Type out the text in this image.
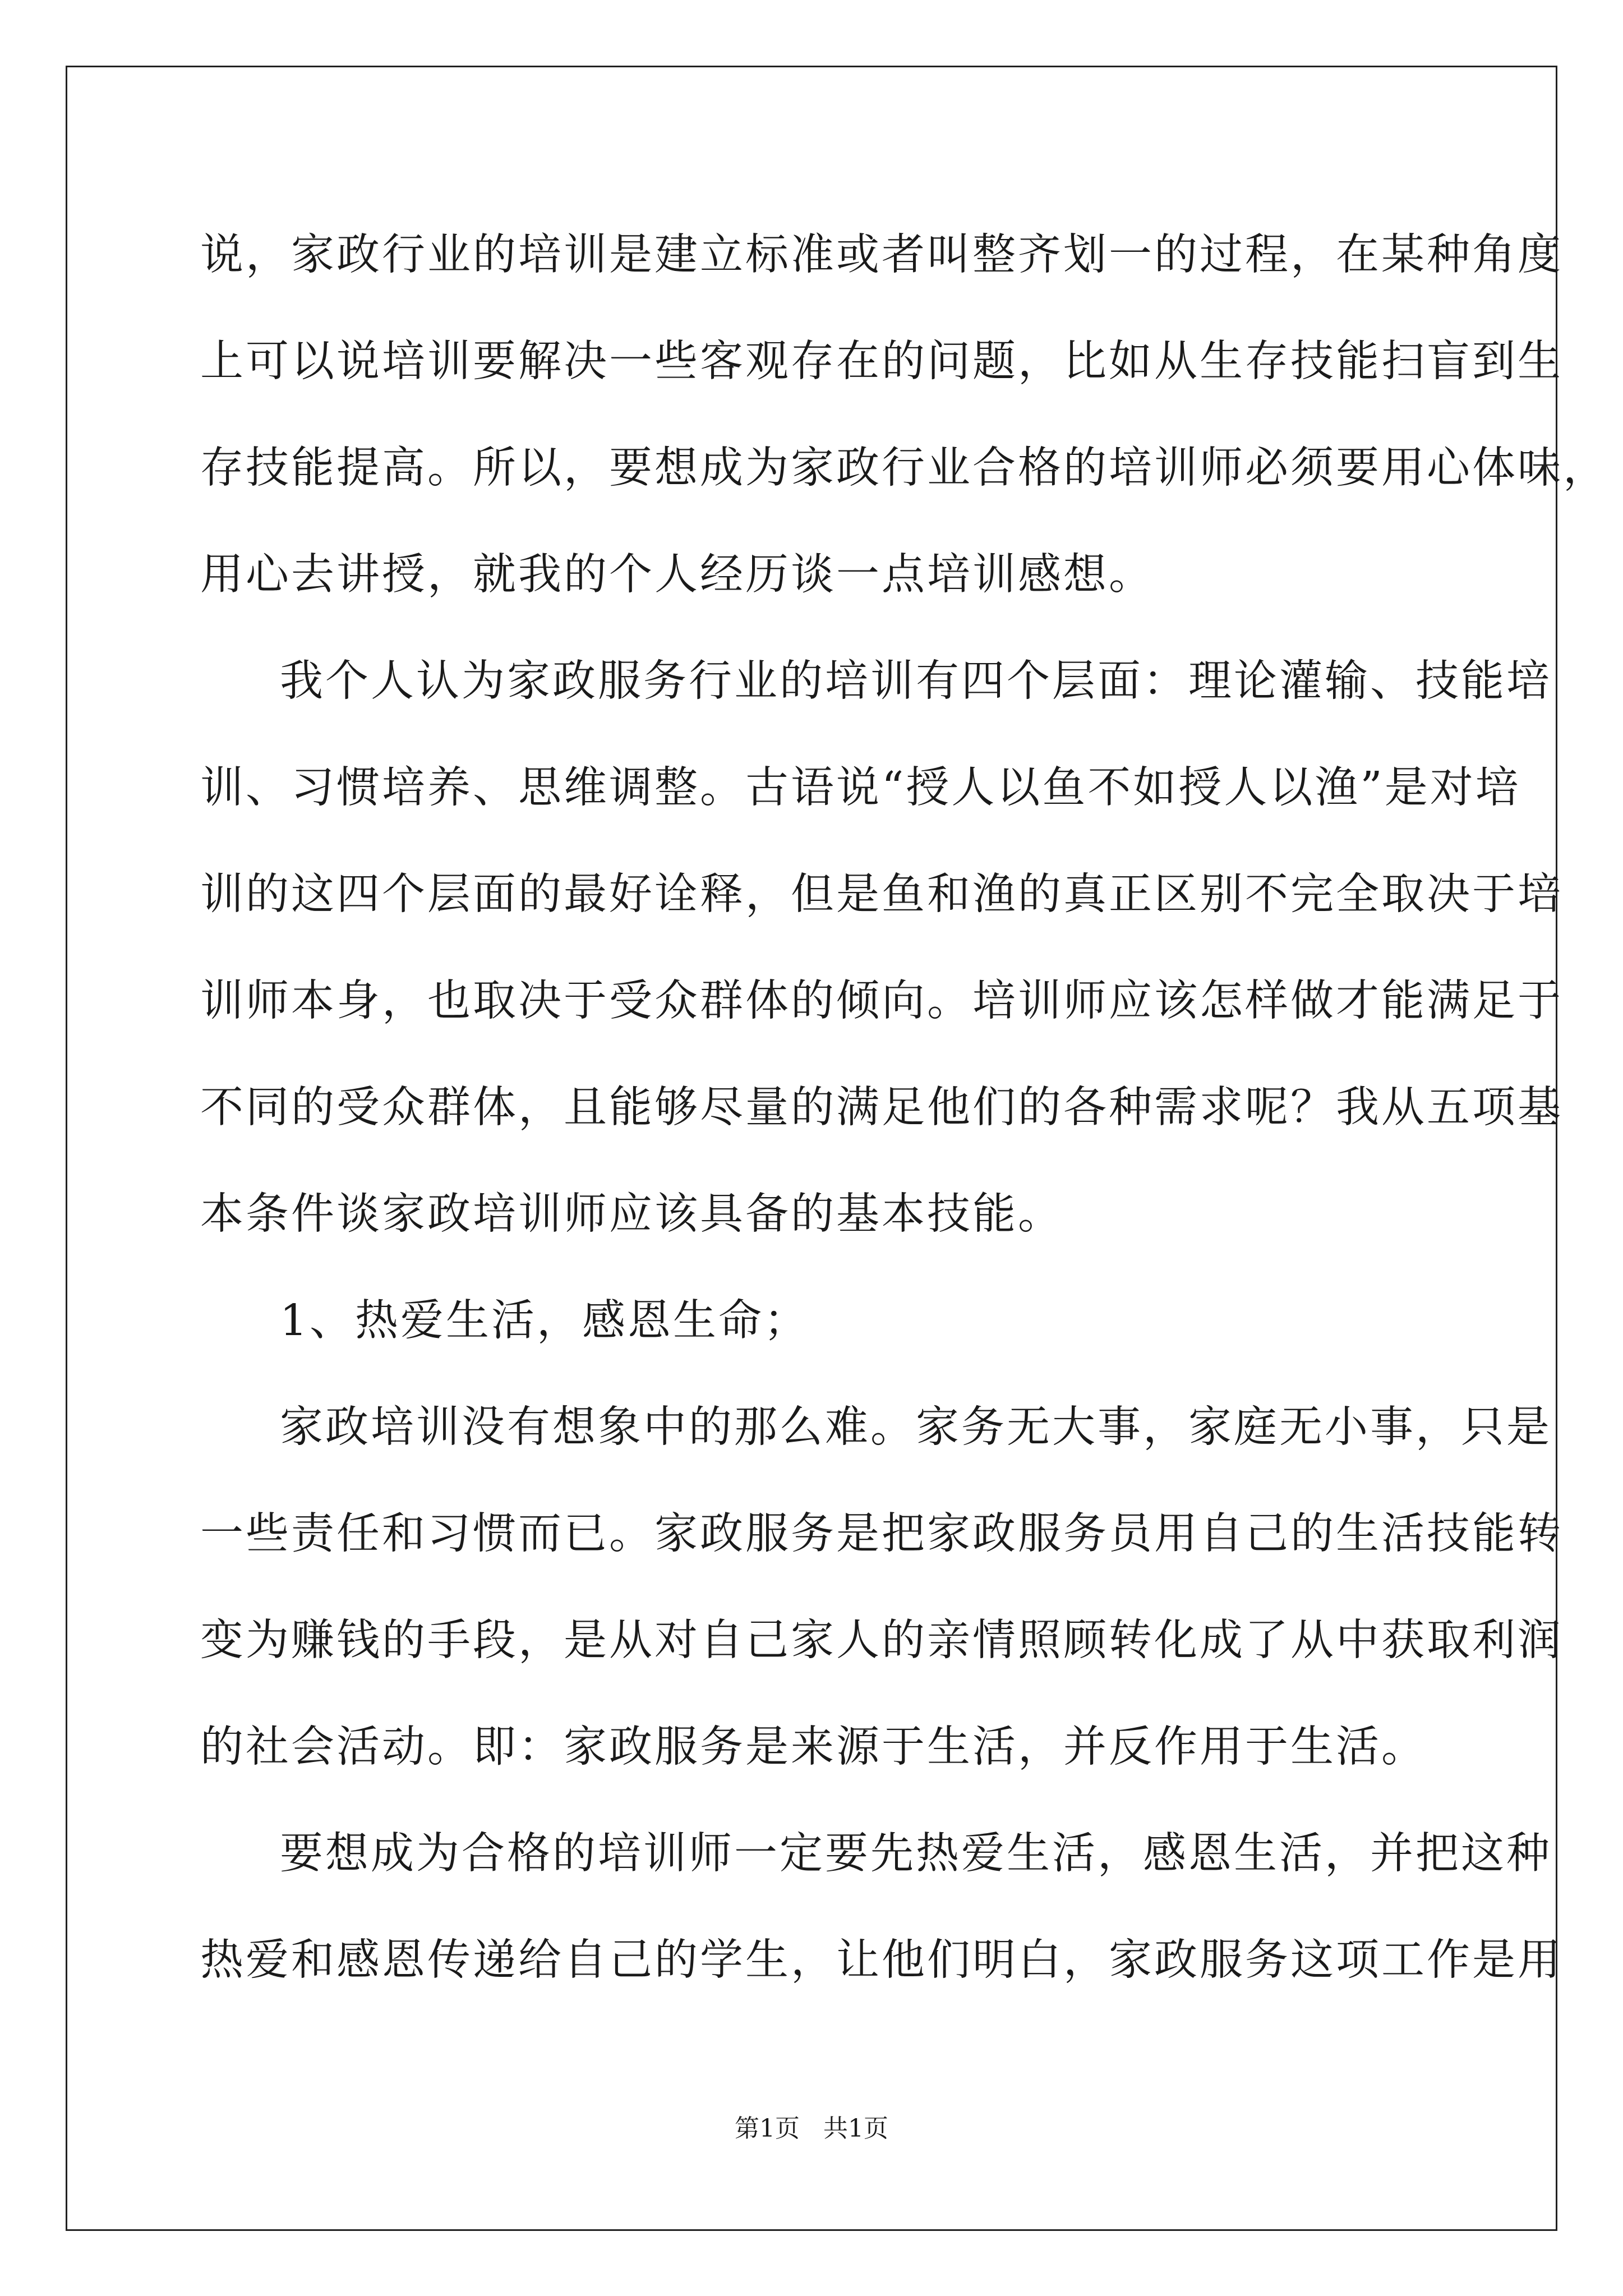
说，家政行业的培训是建立标准或者叫整齐划一的过程，在某种角度
上可以说培训要解决一些客观存在的问题，比如从生存技能扫盲到生
存技能提高。所以，要想成为家政行业合格的培训师必须要用心体味，
用心去讲授，就我的个人经历谈一点培训感想。
我个人认为家政服务行业的培训有四个层面：理论灌输、技能培
训、习惯培养、思维调整。古语说“授人以鱼不如授人以渔”是对培
训的这四个层面的最好诠释，但是鱼和渔的真正区别不完全取决于培
训师本身，也取决于受众群体的倾向。培训师应该怎样做才能满足于
不同的受众群体，且能够尽量的满足他们的各种需求呢？我从五项基
本条件谈家政培训师应该具备的基本技能。
1、热爱生活，感恩生命；
家政培训没有想象中的那么难。家务无大事，家庭无小事，只是
一些责任和习惯而已。家政服务是把家政服务员用自己的生活技能转
变为赚钱的手段，是从对自己家人的亲情照顾转化成了从中获取利润
的社会活动。即：家政服务是来源于生活，并反作用于生活。
要想成为合格的培训师一定要先热爱生活，感恩生活，并把这种
热爱和感恩传递给自己的学生，让他们明白，家政服务这项工作是用
第1页   共1页
